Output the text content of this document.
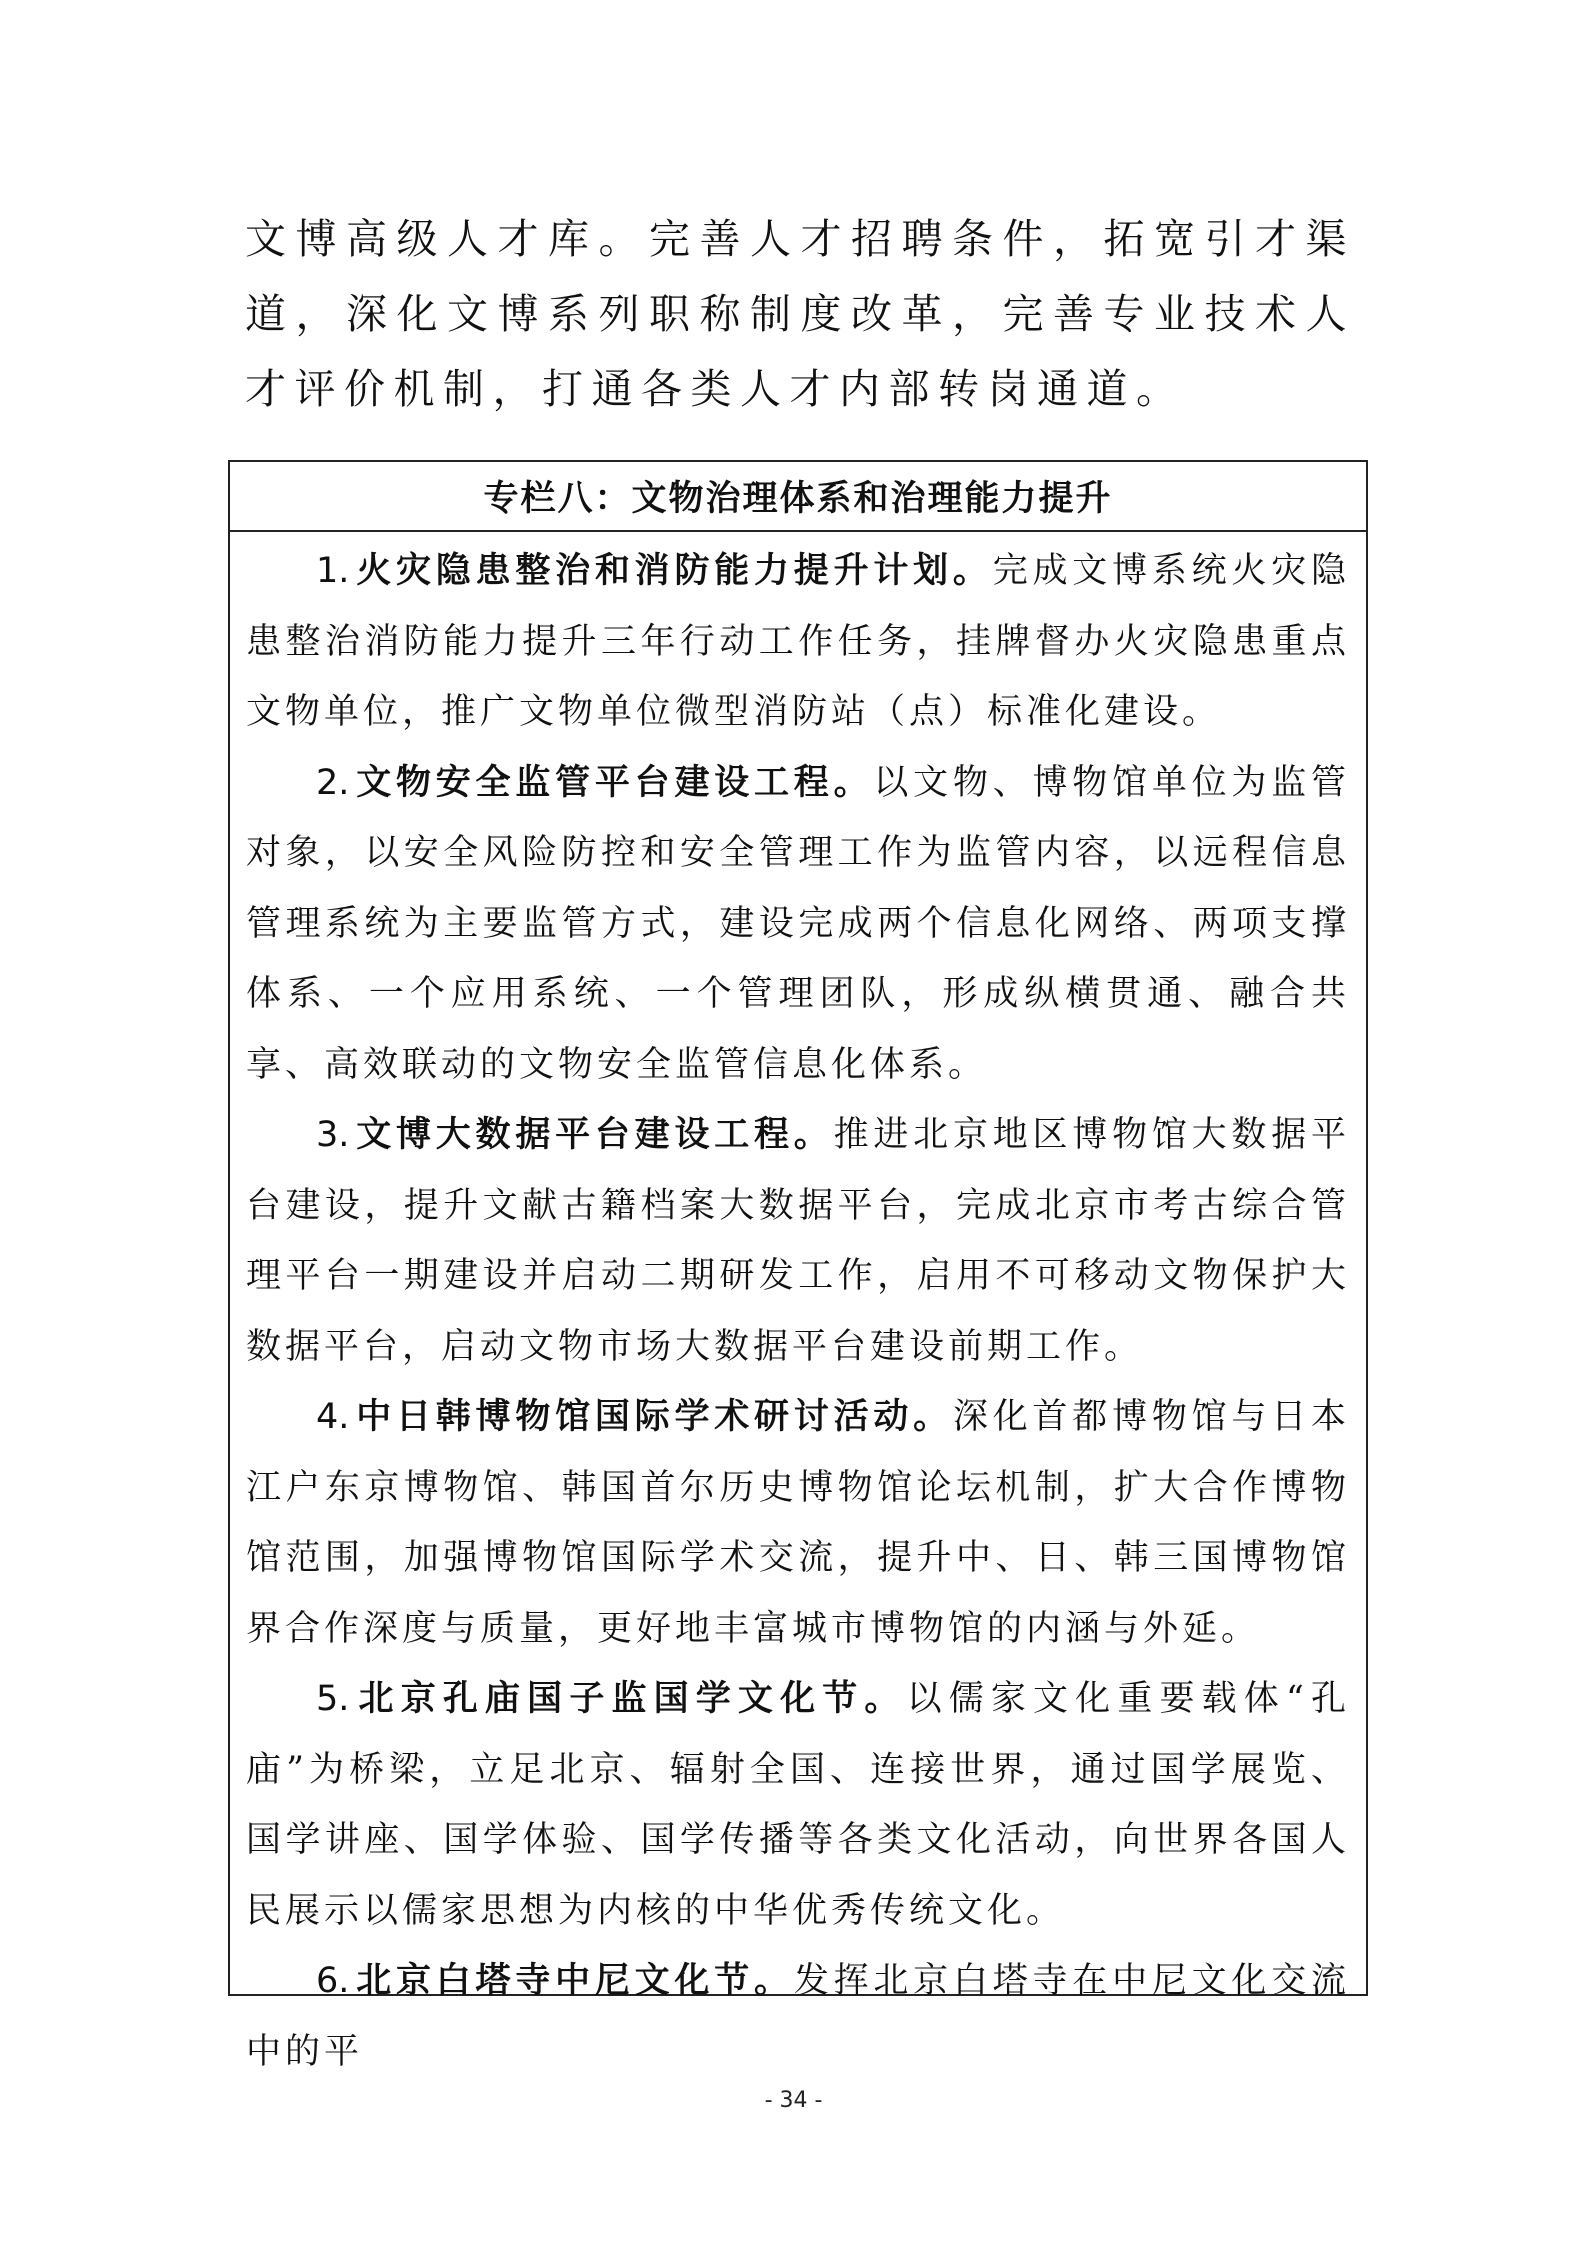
文博高级人才库。完善人才招聘条件，拓宽引才渠道，深化文博系列职称制度改革，完善专业技术人才评价机制，打通各类人才内部转岗通道。

专栏八：文物治理体系和治理能力提升

1. 火灾隐患整治和消防能力提升计划。完成文博系统火灾隐患整治消防能力提升三年行动工作任务，挂牌督办火灾隐患重点文物单位，推广文物单位微型消防站（点）标准化建设。

2. 文物安全监管平台建设工程。以文物、博物馆单位为监管对象，以安全风险防控和安全管理工作为监管内容，以远程信息管理系统为主要监管方式，建设完成两个信息化网络、两项支撑体系、一个应用系统、一个管理团队，形成纵横贯通、融合共享、高效联动的文物安全监管信息化体系。

3. 文博大数据平台建设工程。推进北京地区博物馆大数据平台建设，提升文献古籍档案大数据平台，完成北京市考古综合管理平台一期建设并启动二期研发工作，启用不可移动文物保护大数据平台，启动文物市场大数据平台建设前期工作。

4. 中日韩博物馆国际学术研讨活动。深化首都博物馆与日本江户东京博物馆、韩国首尔历史博物馆论坛机制，扩大合作博物馆范围，加强博物馆国际学术交流，提升中、日、韩三国博物馆界合作深度与质量，更好地丰富城市博物馆的内涵与外延。

5. 北京孔庙国子监国学文化节。以儒家文化重要载体“孔庙”为桥梁，立足北京、辐射全国、连接世界，通过国学展览、国学讲座、国学体验、国学传播等各类文化活动，向世界各国人民展示以儒家思想为内核的中华优秀传统文化。

6. 北京白塔寺中尼文化节。发挥北京白塔寺在中尼文化交流中的平

- 34 -
